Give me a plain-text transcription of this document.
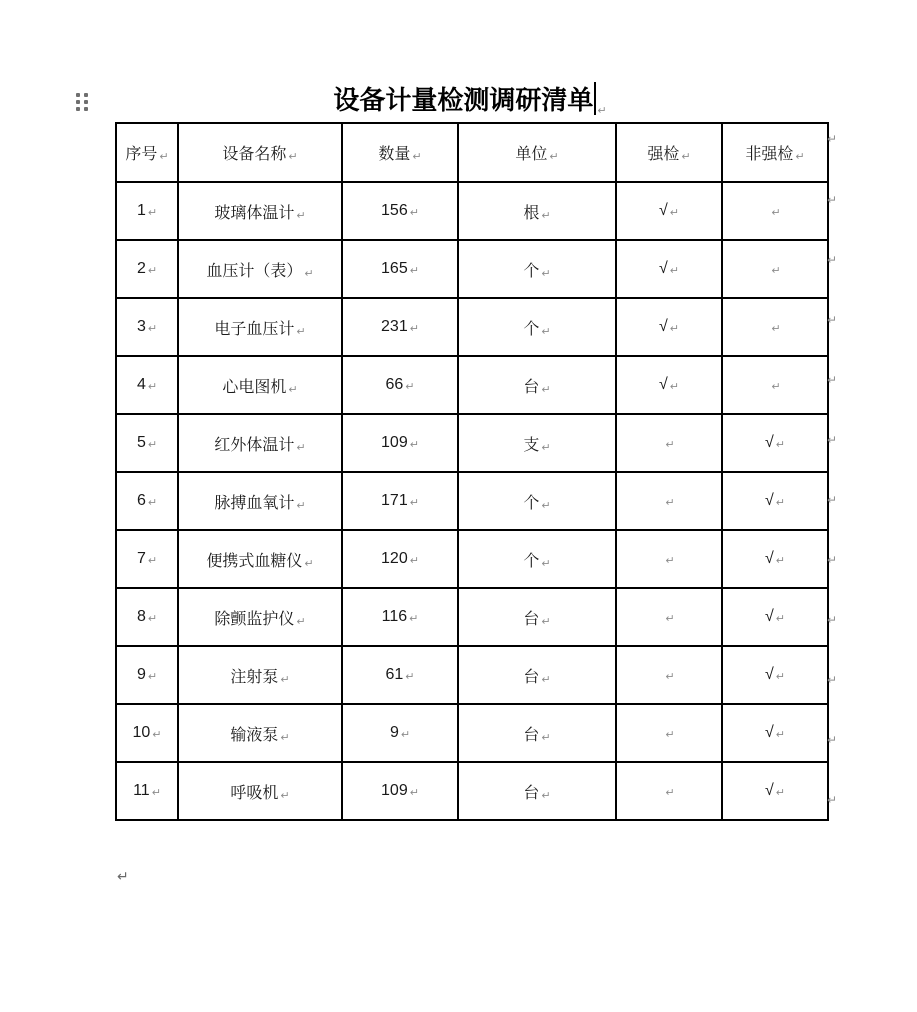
设备计量检测调研清单 ↵
序号 ↵	设备名称 ↵	数量 ↵	单位 ↵	强检 ↵	非强检 ↵
1 ↵	玻璃体温计 ↵	156 ↵	根 ↵	√ ↵	↵
2 ↵	血压计（表） ↵	165 ↵	个 ↵	√ ↵	↵
3 ↵	电子血压计 ↵	231 ↵	个 ↵	√ ↵	↵
4 ↵	心电图机 ↵	66 ↵	台 ↵	√ ↵	↵
5 ↵	红外体温计 ↵	109 ↵	支 ↵	↵	√ ↵
6 ↵	脉搏血氧计 ↵	171 ↵	个 ↵	↵	√ ↵
7 ↵	便携式血糖仪 ↵	120 ↵	个 ↵	↵	√ ↵
8 ↵	除颤监护仪 ↵	116 ↵	台 ↵	↵	√ ↵
9 ↵	注射泵 ↵	61 ↵	台 ↵	↵	√ ↵
10 ↵	输液泵 ↵	9 ↵	台 ↵	↵	√ ↵
11 ↵	呼吸机 ↵	109 ↵	台 ↵	↵	√ ↵
↵
↵
↵
↵
↵
↵
↵
↵
↵
↵
↵
↵
↵
